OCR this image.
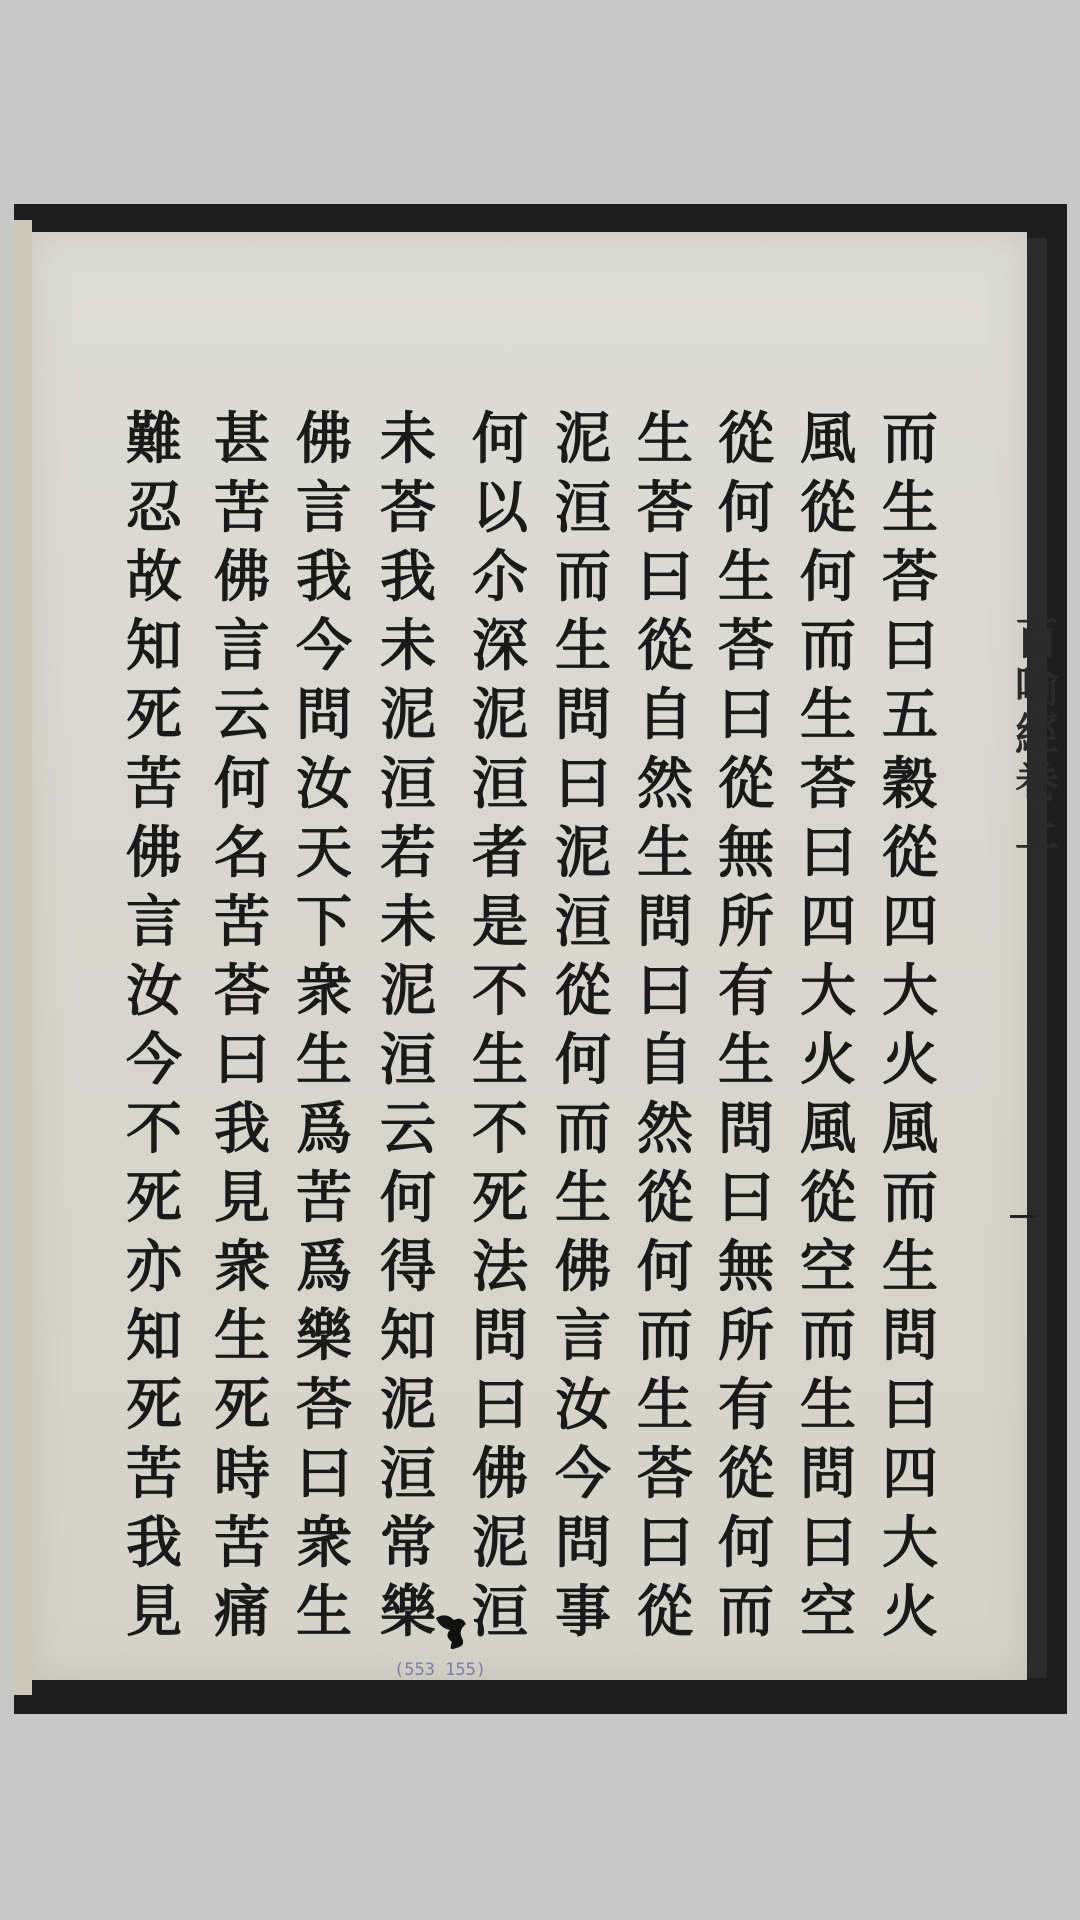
百喻經卷上
而
生
荅
曰
五
穀
從
四
大
火
風
而
生
問
曰
四
大
火
風
從
何
而
生
荅
曰
四
大
火
風
從
空
而
生
問
曰
空
從
何
生
荅
曰
從
無
所
有
生
問
曰
無
所
有
從
何
而
生
荅
曰
從
自
然
生
問
曰
自
然
從
何
而
生
荅
曰
從
泥
洹
而
生
問
曰
泥
洹
從
何
而
生
佛
言
汝
今
問
事
何
以
尒
深
泥
洹
者
是
不
生
不
死
法
問
曰
佛
泥
洹
未
荅
我
未
泥
洹
若
未
泥
洹
云
何
得
知
泥
洹
常
樂
佛
言
我
今
問
汝
天
下
衆
生
爲
苦
爲
樂
荅
曰
衆
生
甚
苦
佛
言
云
何
名
苦
荅
曰
我
見
衆
生
死
時
苦
痛
難
忍
故
知
死
苦
佛
言
汝
今
不
死
亦
知
死
苦
我
見
(553 155)
